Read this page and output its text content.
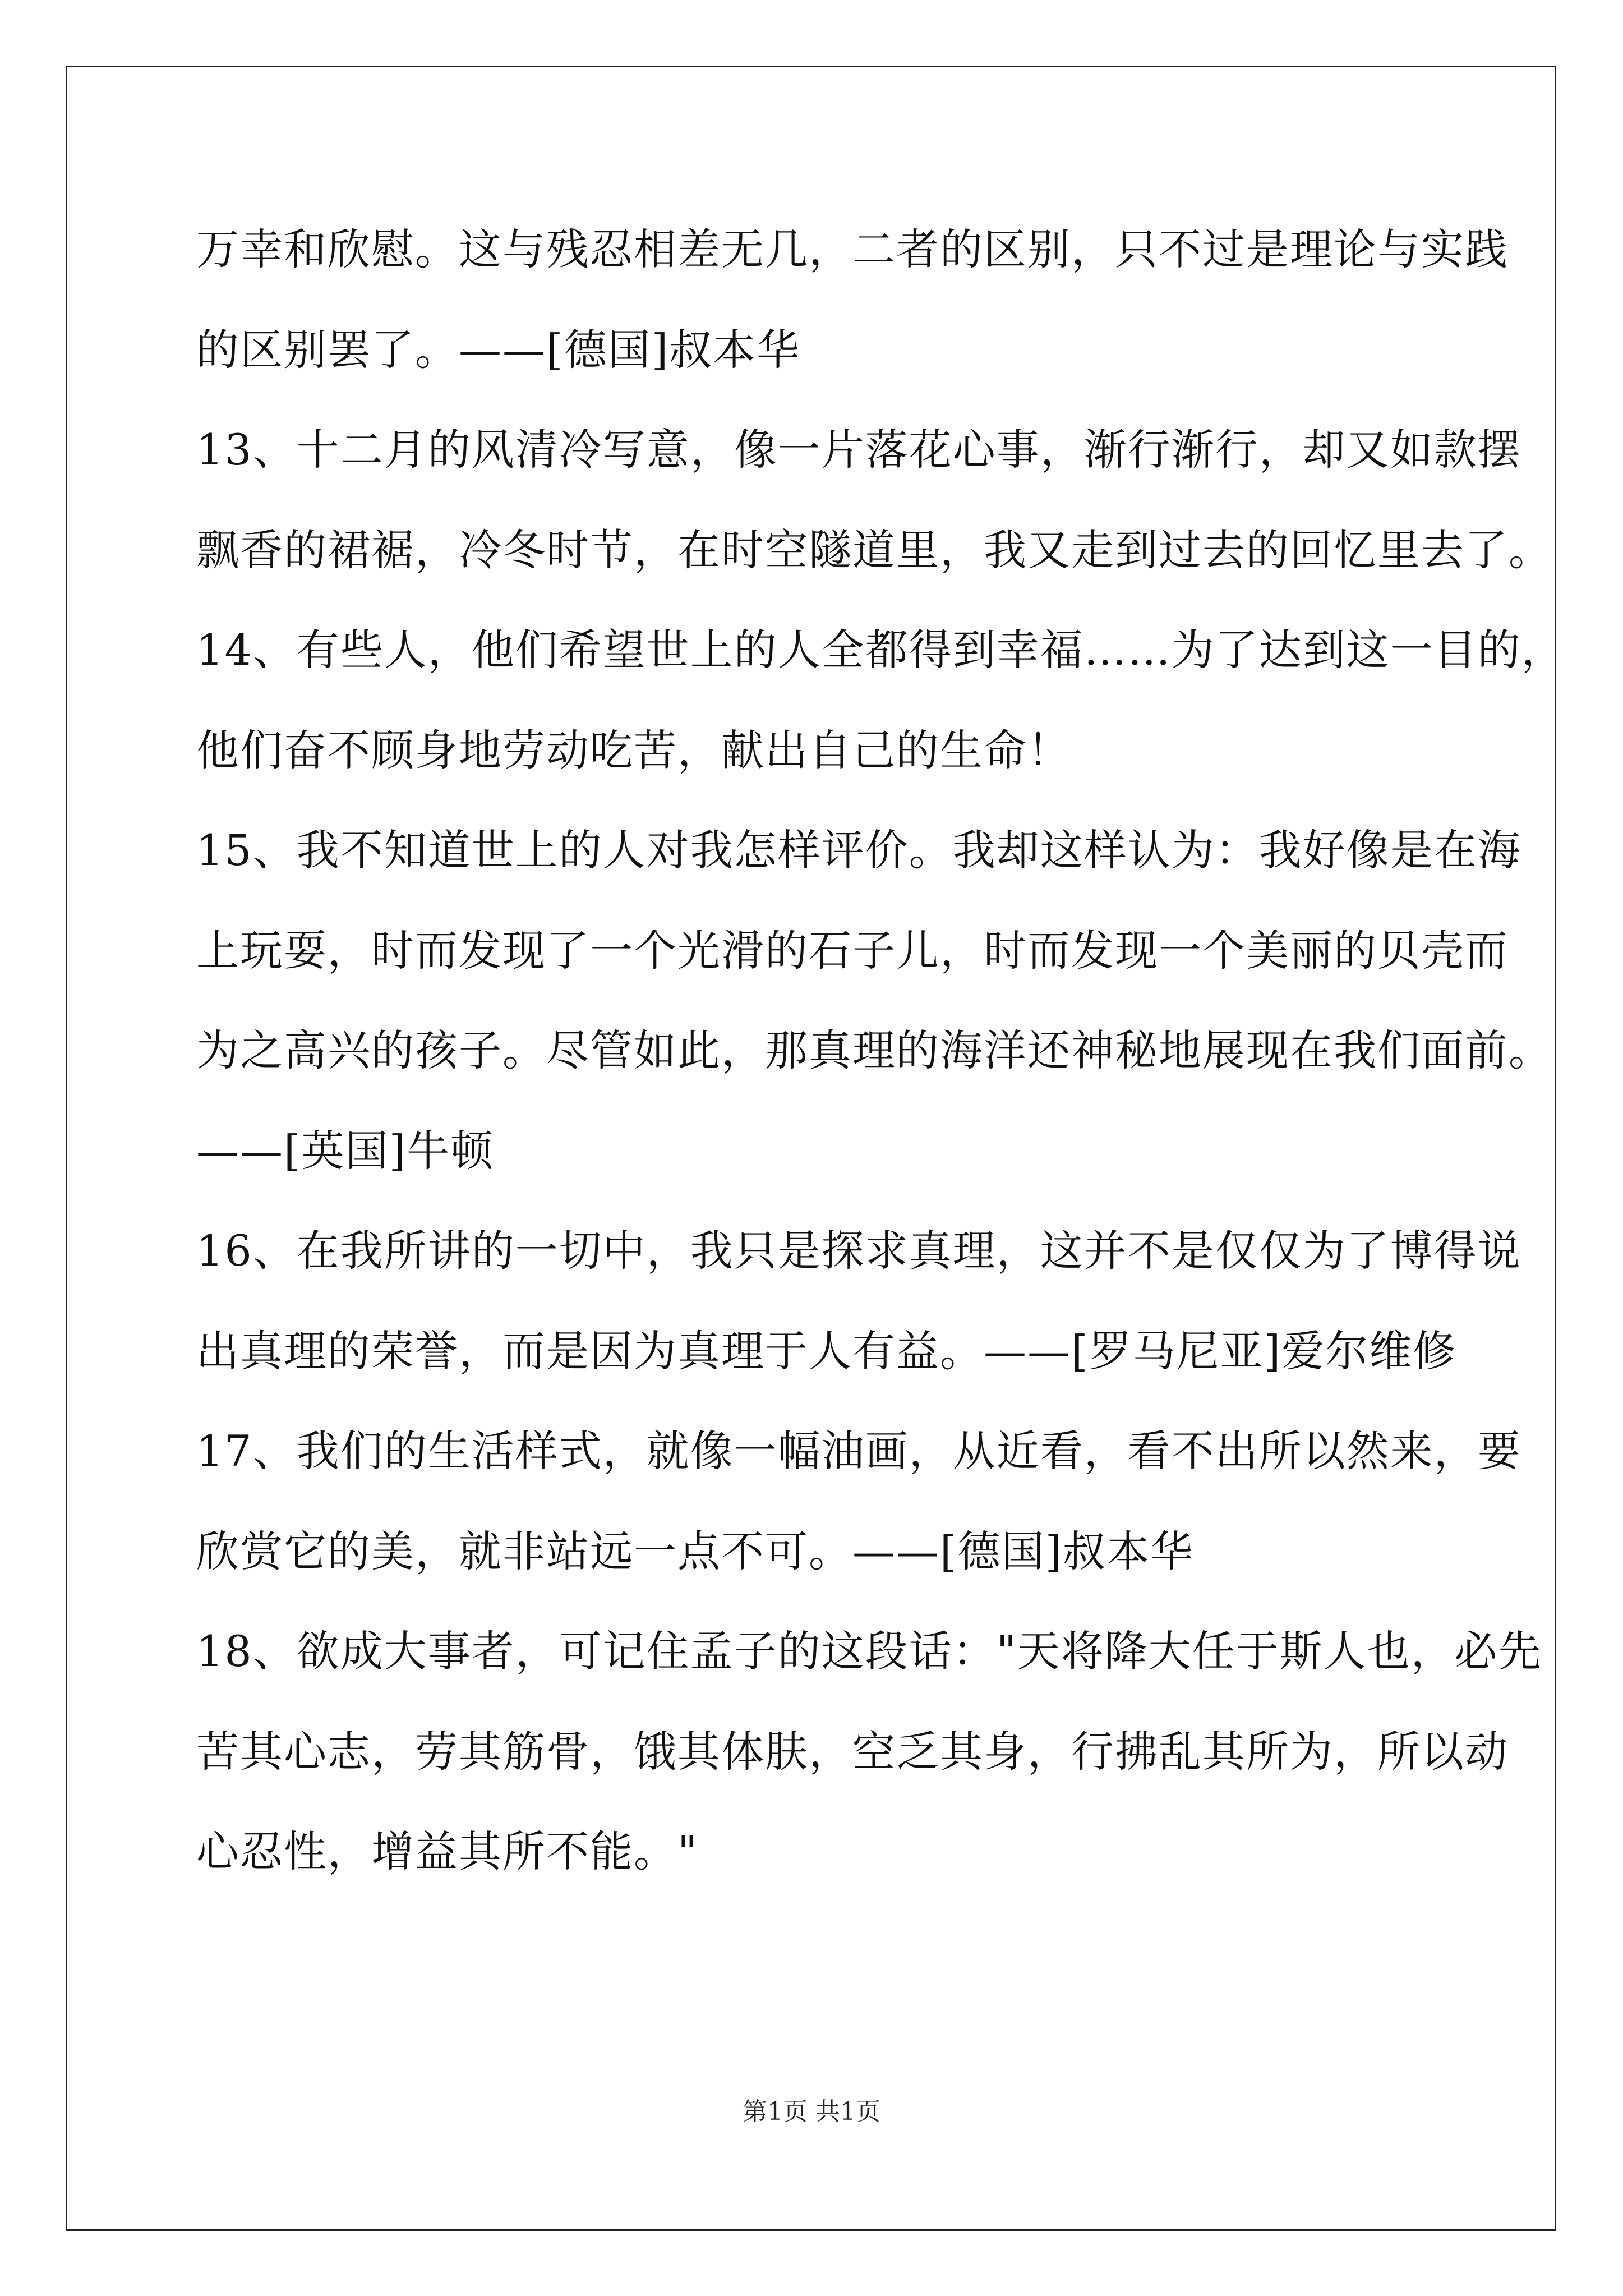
万幸和欣慰。这与残忍相差无几，二者的区别，只不过是理论与实践
的区别罢了。——[德国]叔本华
13、十二月的风清冷写意，像一片落花心事，渐行渐行，却又如款摆
飘香的裙裾，冷冬时节，在时空隧道里，我又走到过去的回忆里去了。
14、有些人，他们希望世上的人全都得到幸福……为了达到这一目的，
他们奋不顾身地劳动吃苦，献出自己的生命！
15、我不知道世上的人对我怎样评价。我却这样认为：我好像是在海
上玩耍，时而发现了一个光滑的石子儿，时而发现一个美丽的贝壳而
为之高兴的孩子。尽管如此，那真理的海洋还神秘地展现在我们面前。
——[英国]牛顿
16、在我所讲的一切中，我只是探求真理，这并不是仅仅为了博得说
出真理的荣誉，而是因为真理于人有益。——[罗马尼亚]爱尔维修
17、我们的生活样式，就像一幅油画，从近看，看不出所以然来，要
欣赏它的美，就非站远一点不可。——[德国]叔本华
18、欲成大事者，可记住孟子的这段话："天将降大任于斯人也，必先
苦其心志，劳其筋骨，饿其体肤，空乏其身，行拂乱其所为，所以动
心忍性，增益其所不能。"
第1页 共1页
